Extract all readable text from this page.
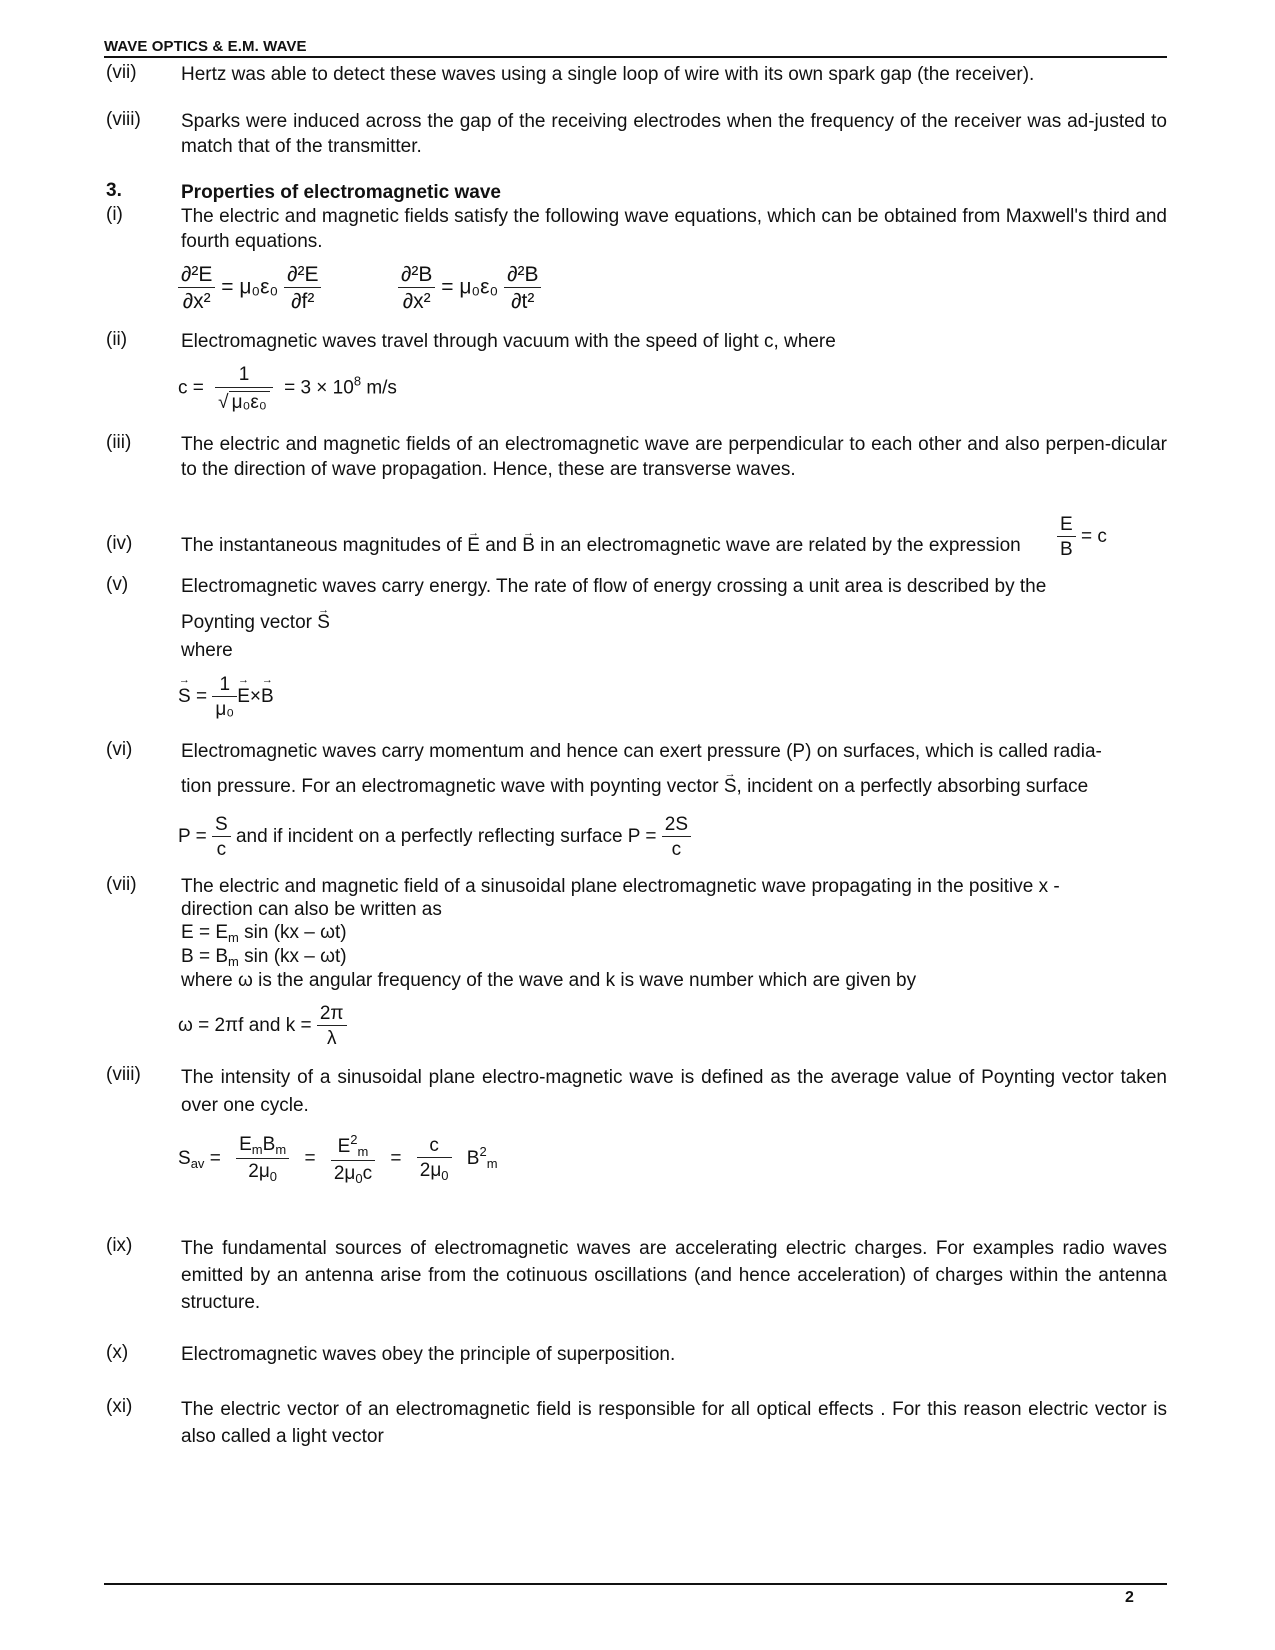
WAVE OPTICS & E.M. WAVE
(vii) Hertz was able to detect these waves using a single loop of wire with its own spark gap (the receiver).
(viii) Sparks were induced across the gap of the receiving electrodes when the frequency of the receiver was ad-justed to match that of the transmitter.
3.	Properties of electromagnetic wave
(i)	The electric and magnetic fields satisfy the following wave equations, which can be obtained from Maxwell's third and fourth equations.
$\frac{\text{∂²E}}{\text{∂x²}} = \mu_0\varepsilon_0 \frac{\text{∂²E}}{\text{∂f²}}$	$\frac{\text{∂²B}}{\text{∂x²}} = \mu_0\varepsilon_0 \frac{\text{∂²B}}{\text{∂t²}}$
(ii)	Electromagnetic waves travel through vacuum with the speed of light c, where
$c = \frac{1}{\text{√ μ₀ε₀}} = 3 \times 10^8$ m/s
(iii)	The electric and magnetic fields of an electromagnetic wave are perpendicular to each other and also perpen-dicular to the direction of wave propagation. Hence, these are transverse waves.
(iv)	The instantaneous magnitudes of → E and → B in an electromagnetic wave are related by the expression	$\frac{E}{B} = c$
(v)	Electromagnetic waves carry energy. The rate of flow of energy crossing a unit area is described by the
Poynting vector → S
where
→ $S = \frac{1}{\text{μ₀}} \to E\times\to B$
(vi)	Electromagnetic waves carry momentum and hence can exert pressure (P) on surfaces, which is called radia-
tion pressure. For an electromagnetic wave with poynting vector → S, incident on a perfectly absorbing surface
$P = \frac{S}{c}$ and if incident on a perfectly reflecting surface $P = \frac{2S}{c}$
(vii) The electric and magnetic field of a sinusoidal plane electromagnetic wave propagating in the positive x -
direction can also be written as
$E = E_m$ sin (kx – ωt)
$B = B_m$ sin (kx – ωt)
where ω is the angular frequency of the wave and k is wave number which are given by
ω = 2πf and $k = \frac{2\pi}{\lambda}$
(viii) The intensity of a sinusoidal plane electro-magnetic wave is defined as the average value of Poynting vector taken over one cycle.
$S_{av} = \frac{E_mB_m}{2\mu_0} = \frac{E^2_m}{2\mu_0c} = \frac{c}{2\mu_0} B^2_m$
(ix)	The fundamental sources of electromagnetic waves are accelerating electric charges. For examples radio waves emitted by an antenna arise from the cotinuous oscillations (and hence acceleration) of charges within the antenna structure.
(x)	Electromagnetic waves obey the principle of superposition.
(xi)	The electric vector of an electromagnetic field is responsible for all optical effects . For this reason electric vector is also called a light vector
2
